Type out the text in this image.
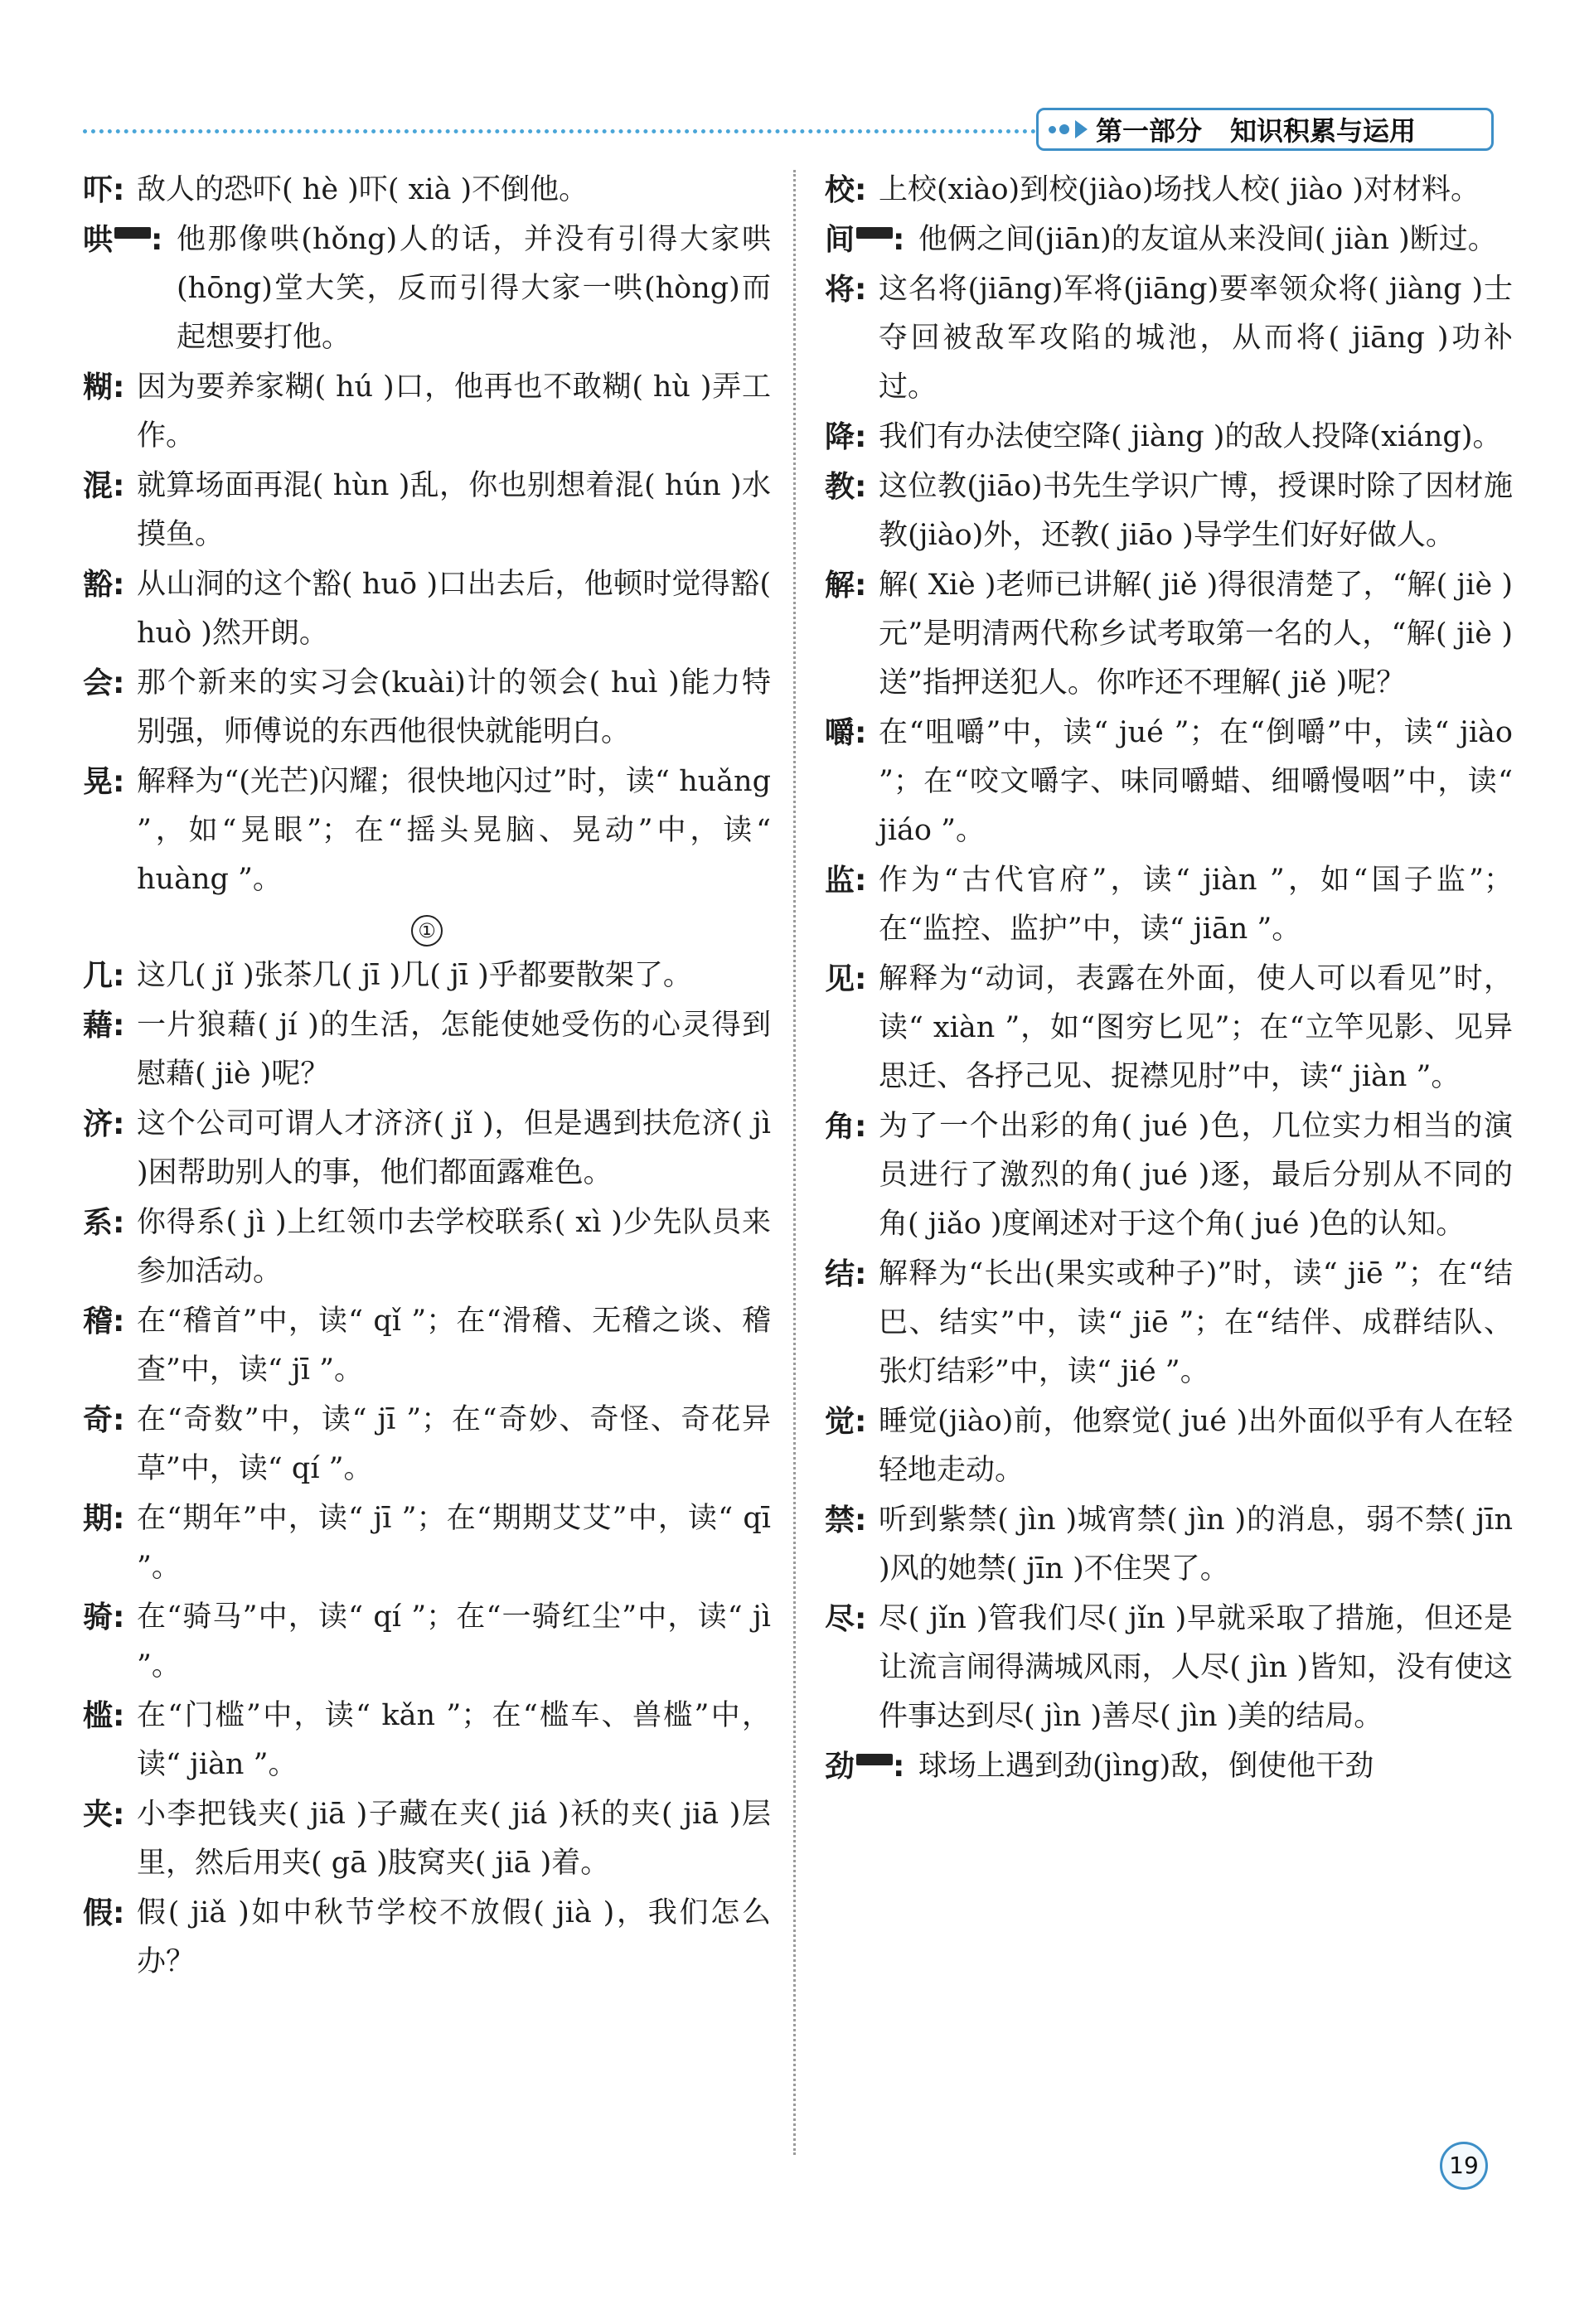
第一部分 知识积累与运用
吓: 敌人的恐吓( hè )吓( xià )不倒他。
哄 : 他那像哄(hǒng)人的话，并没有引得大家哄(hōng)堂大笑，反而引得大家一哄(hòng)而起想要打他。
糊: 因为要养家糊( hú )口，他再也不敢糊( hù )弄工作。
混: 就算场面再混( hùn )乱，你也别想着混( hún )水摸鱼。
豁: 从山洞的这个豁( huō )口出去后，他顿时觉得豁( huò )然开朗。
会: 那个新来的实习会(kuài)计的领会( huì )能力特别强，师傅说的东西他很快就能明白。
晃: 解释为“(光芒)闪耀；很快地闪过”时，读“ huǎng ”，如“晃眼”；在“摇头晃脑、晃动”中，读“ huàng ”。
①
几: 这几( jǐ )张茶几( jī )几( jī )乎都要散架了。
藉: 一片狼藉( jí )的生活，怎能使她受伤的心灵得到慰藉( jiè )呢？
济: 这个公司可谓人才济济( jǐ )，但是遇到扶危济( jì )困帮助别人的事，他们都面露难色。
系: 你得系( jì )上红领巾去学校联系( xì )少先队员来参加活动。
稽: 在“稽首”中，读“ qǐ ”；在“滑稽、无稽之谈、稽查”中，读“ jī ”。
奇: 在“奇数”中，读“ jī ”；在“奇妙、奇怪、奇花异草”中，读“ qí ”。
期: 在“期年”中，读“ jī ”；在“期期艾艾”中，读“ qī ”。
骑: 在“骑马”中，读“ qí ”；在“一骑红尘”中，读“ jì ”。
槛: 在“门槛”中，读“ kǎn ”；在“槛车、兽槛”中，读“ jiàn ”。
夹: 小李把钱夹( jiā )子藏在夹( jiá )袄的夹( jiā )层里，然后用夹( gā )肢窝夹( jiā )着。
假: 假( jiǎ )如中秋节学校不放假( jià )，我们怎么办？
校: 上校(xiào)到校(jiào)场找人校( jiào )对材料。
间 : 他俩之间(jiān)的友谊从来没间( jiàn )断过。
将: 这名将(jiāng)军将(jiāng)要率领众将( jiàng )士夺回被敌军攻陷的城池，从而将( jiāng )功补过。
降: 我们有办法使空降( jiàng )的敌人投降(xiáng)。
教: 这位教(jiāo)书先生学识广博，授课时除了因材施教(jiào)外，还教( jiāo )导学生们好好做人。
解: 解( Xiè )老师已讲解( jiě )得很清楚了，“解( jiè )元”是明清两代称乡试考取第一名的人，“解( jiè )送”指押送犯人。你咋还不理解( jiě )呢？
嚼: 在“咀嚼”中，读“ jué ”；在“倒嚼”中，读“ jiào ”；在“咬文嚼字、味同嚼蜡、细嚼慢咽”中，读“ jiáo ”。
监: 作为“古代官府”，读“ jiàn ”，如“国子监”；在“监控、监护”中，读“ jiān ”。
见: 解释为“动词，表露在外面，使人可以看见”时，读“ xiàn ”，如“图穷匕见”；在“立竿见影、见异思迁、各抒己见、捉襟见肘”中，读“ jiàn ”。
角: 为了一个出彩的角( jué )色，几位实力相当的演员进行了激烈的角( jué )逐，最后分别从不同的角( jiǎo )度阐述对于这个角( jué )色的认知。
结: 解释为“长出(果实或种子)”时，读“ jiē ”；在“结巴、结实”中，读“ jiē ”；在“结伴、成群结队、张灯结彩”中，读“ jié ”。
觉: 睡觉(jiào)前，他察觉( jué )出外面似乎有人在轻轻地走动。
禁: 听到紫禁( jìn )城宵禁( jìn )的消息，弱不禁( jīn )风的她禁( jīn )不住哭了。
尽: 尽( jǐn )管我们尽( jǐn )早就采取了措施，但还是让流言闹得满城风雨，人尽( jìn )皆知，没有使这件事达到尽( jìn )善尽( jìn )美的结局。
劲 : 球场上遇到劲(jìng)敌，倒使他干劲
19
